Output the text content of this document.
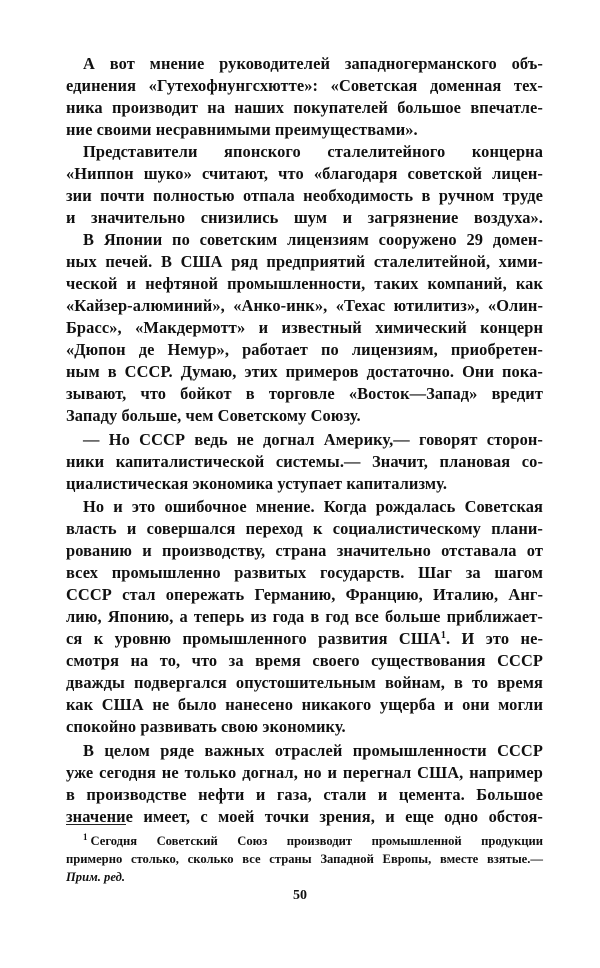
А вот мнение руководителей западногерманского объ-
единения «Гутехофнунгсхютте»: «Советская доменная тех-
ника производит на наших покупателей большое впечатле-
ние своими несравнимыми преимуществами».
Представители японского сталелитейного концерна
«Ниппон шуко» считают, что «благодаря советской лицен-
зии почти полностью отпала необходимость в ручном труде
и значительно снизились шум и загрязнение воздуха».
В Японии по советским лицензиям сооружено 29 домен-
ных печей. В США ряд предприятий сталелитейной, хими-
ческой и нефтяной промышленности, таких компаний, как
«Кайзер-алюминий», «Анко-инк», «Техас ютилитиз», «Олин-
Брасс», «Макдермотт» и известный химический концерн
«Дюпон де Немур», работает по лицензиям, приобретен-
ным в СССР. Думаю, этих примеров достаточно. Они пока-
зывают, что бойкот в торговле «Восток—Запад» вредит
Западу больше, чем Советскому Союзу.
— Но СССР ведь не догнал Америку,— говорят сторон-
ники капиталистической системы.— Значит, плановая со-
циалистическая экономика уступает капитализму.
Но и это ошибочное мнение. Когда рождалась Советская
власть и совершался переход к социалистическому плани-
рованию и производству, страна значительно отставала от
всех промышленно развитых государств. Шаг за шагом
СССР стал опережать Германию, Францию, Италию, Анг-
лию, Японию, а теперь из года в год все больше приближает-
ся к уровню промышленного развития США$^1$. И это не-
смотря на то, что за время своего существования СССР
дважды подвергался опустошительным войнам, в то время
как США не было нанесено никакого ущерба и они могли
спокойно развивать свою экономику.
В целом ряде важных отраслей промышленности СССР
уже сегодня не только догнал, но и перегнал США, например
в производстве нефти и газа, стали и цемента. Большое
значение имеет, с моей точки зрения, и еще одно обстоя-
$^1$ Сегодня Советский Союз производит промышленной продукции
примерно столько, сколько все страны Западной Европы, вместе взятые.—
Прим. ред.
50
